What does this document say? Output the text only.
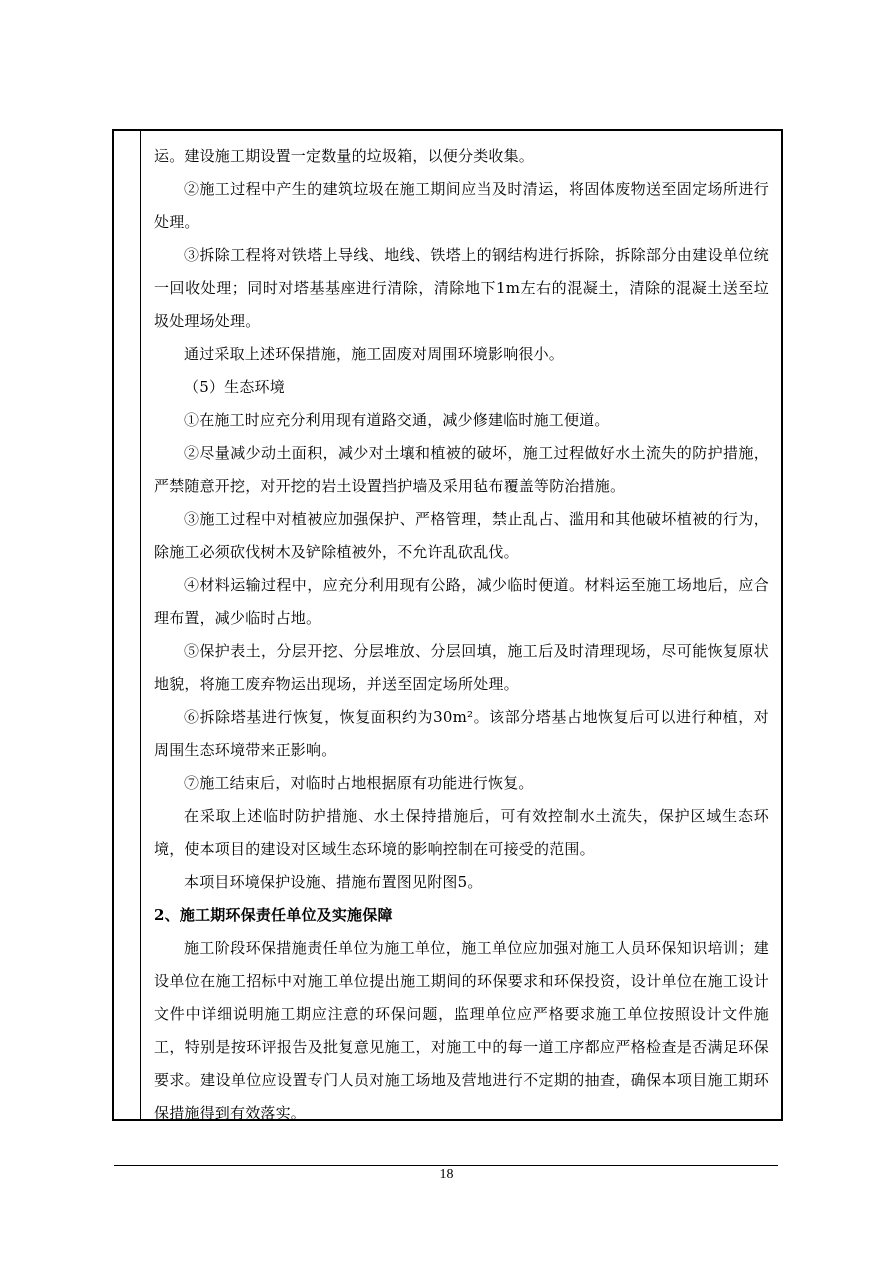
运。建设施工期设置一定数量的垃圾箱，以便分类收集。

②施工过程中产生的建筑垃圾在施工期间应当及时清运，将固体废物送至固定场所进行处理。

③拆除工程将对铁塔上导线、地线、铁塔上的钢结构进行拆除，拆除部分由建设单位统一回收处理；同时对塔基基座进行清除，清除地下1m左右的混凝土，清除的混凝土送至垃圾处理场处理。

通过采取上述环保措施，施工固废对周围环境影响很小。

（5）生态环境

①在施工时应充分利用现有道路交通，减少修建临时施工便道。

②尽量减少动土面积，减少对土壤和植被的破坏，施工过程做好水土流失的防护措施，严禁随意开挖，对开挖的岩土设置挡护墙及采用毡布覆盖等防治措施。

③施工过程中对植被应加强保护、严格管理，禁止乱占、滥用和其他破坏植被的行为，除施工必须砍伐树木及铲除植被外，不允许乱砍乱伐。

④材料运输过程中，应充分利用现有公路，减少临时便道。材料运至施工场地后，应合理布置，减少临时占地。

⑤保护表土，分层开挖、分层堆放、分层回填，施工后及时清理现场，尽可能恢复原状地貌，将施工废弃物运出现场，并送至固定场所处理。

⑥拆除塔基进行恢复，恢复面积约为30m²。该部分塔基占地恢复后可以进行种植，对周围生态环境带来正影响。

⑦施工结束后，对临时占地根据原有功能进行恢复。

在采取上述临时防护措施、水土保持措施后，可有效控制水土流失，保护区域生态环境，使本项目的建设对区域生态环境的影响控制在可接受的范围。

本项目环境保护设施、措施布置图见附图5。

2、施工期环保责任单位及实施保障

施工阶段环保措施责任单位为施工单位，施工单位应加强对施工人员环保知识培训；建设单位在施工招标中对施工单位提出施工期间的环保要求和环保投资，设计单位在施工设计文件中详细说明施工期应注意的环保问题，监理单位应严格要求施工单位按照设计文件施工，特别是按环评报告及批复意见施工，对施工中的每一道工序都应严格检查是否满足环保要求。建设单位应设置专门人员对施工场地及营地进行不定期的抽查，确保本项目施工期环保措施得到有效落实。

18
